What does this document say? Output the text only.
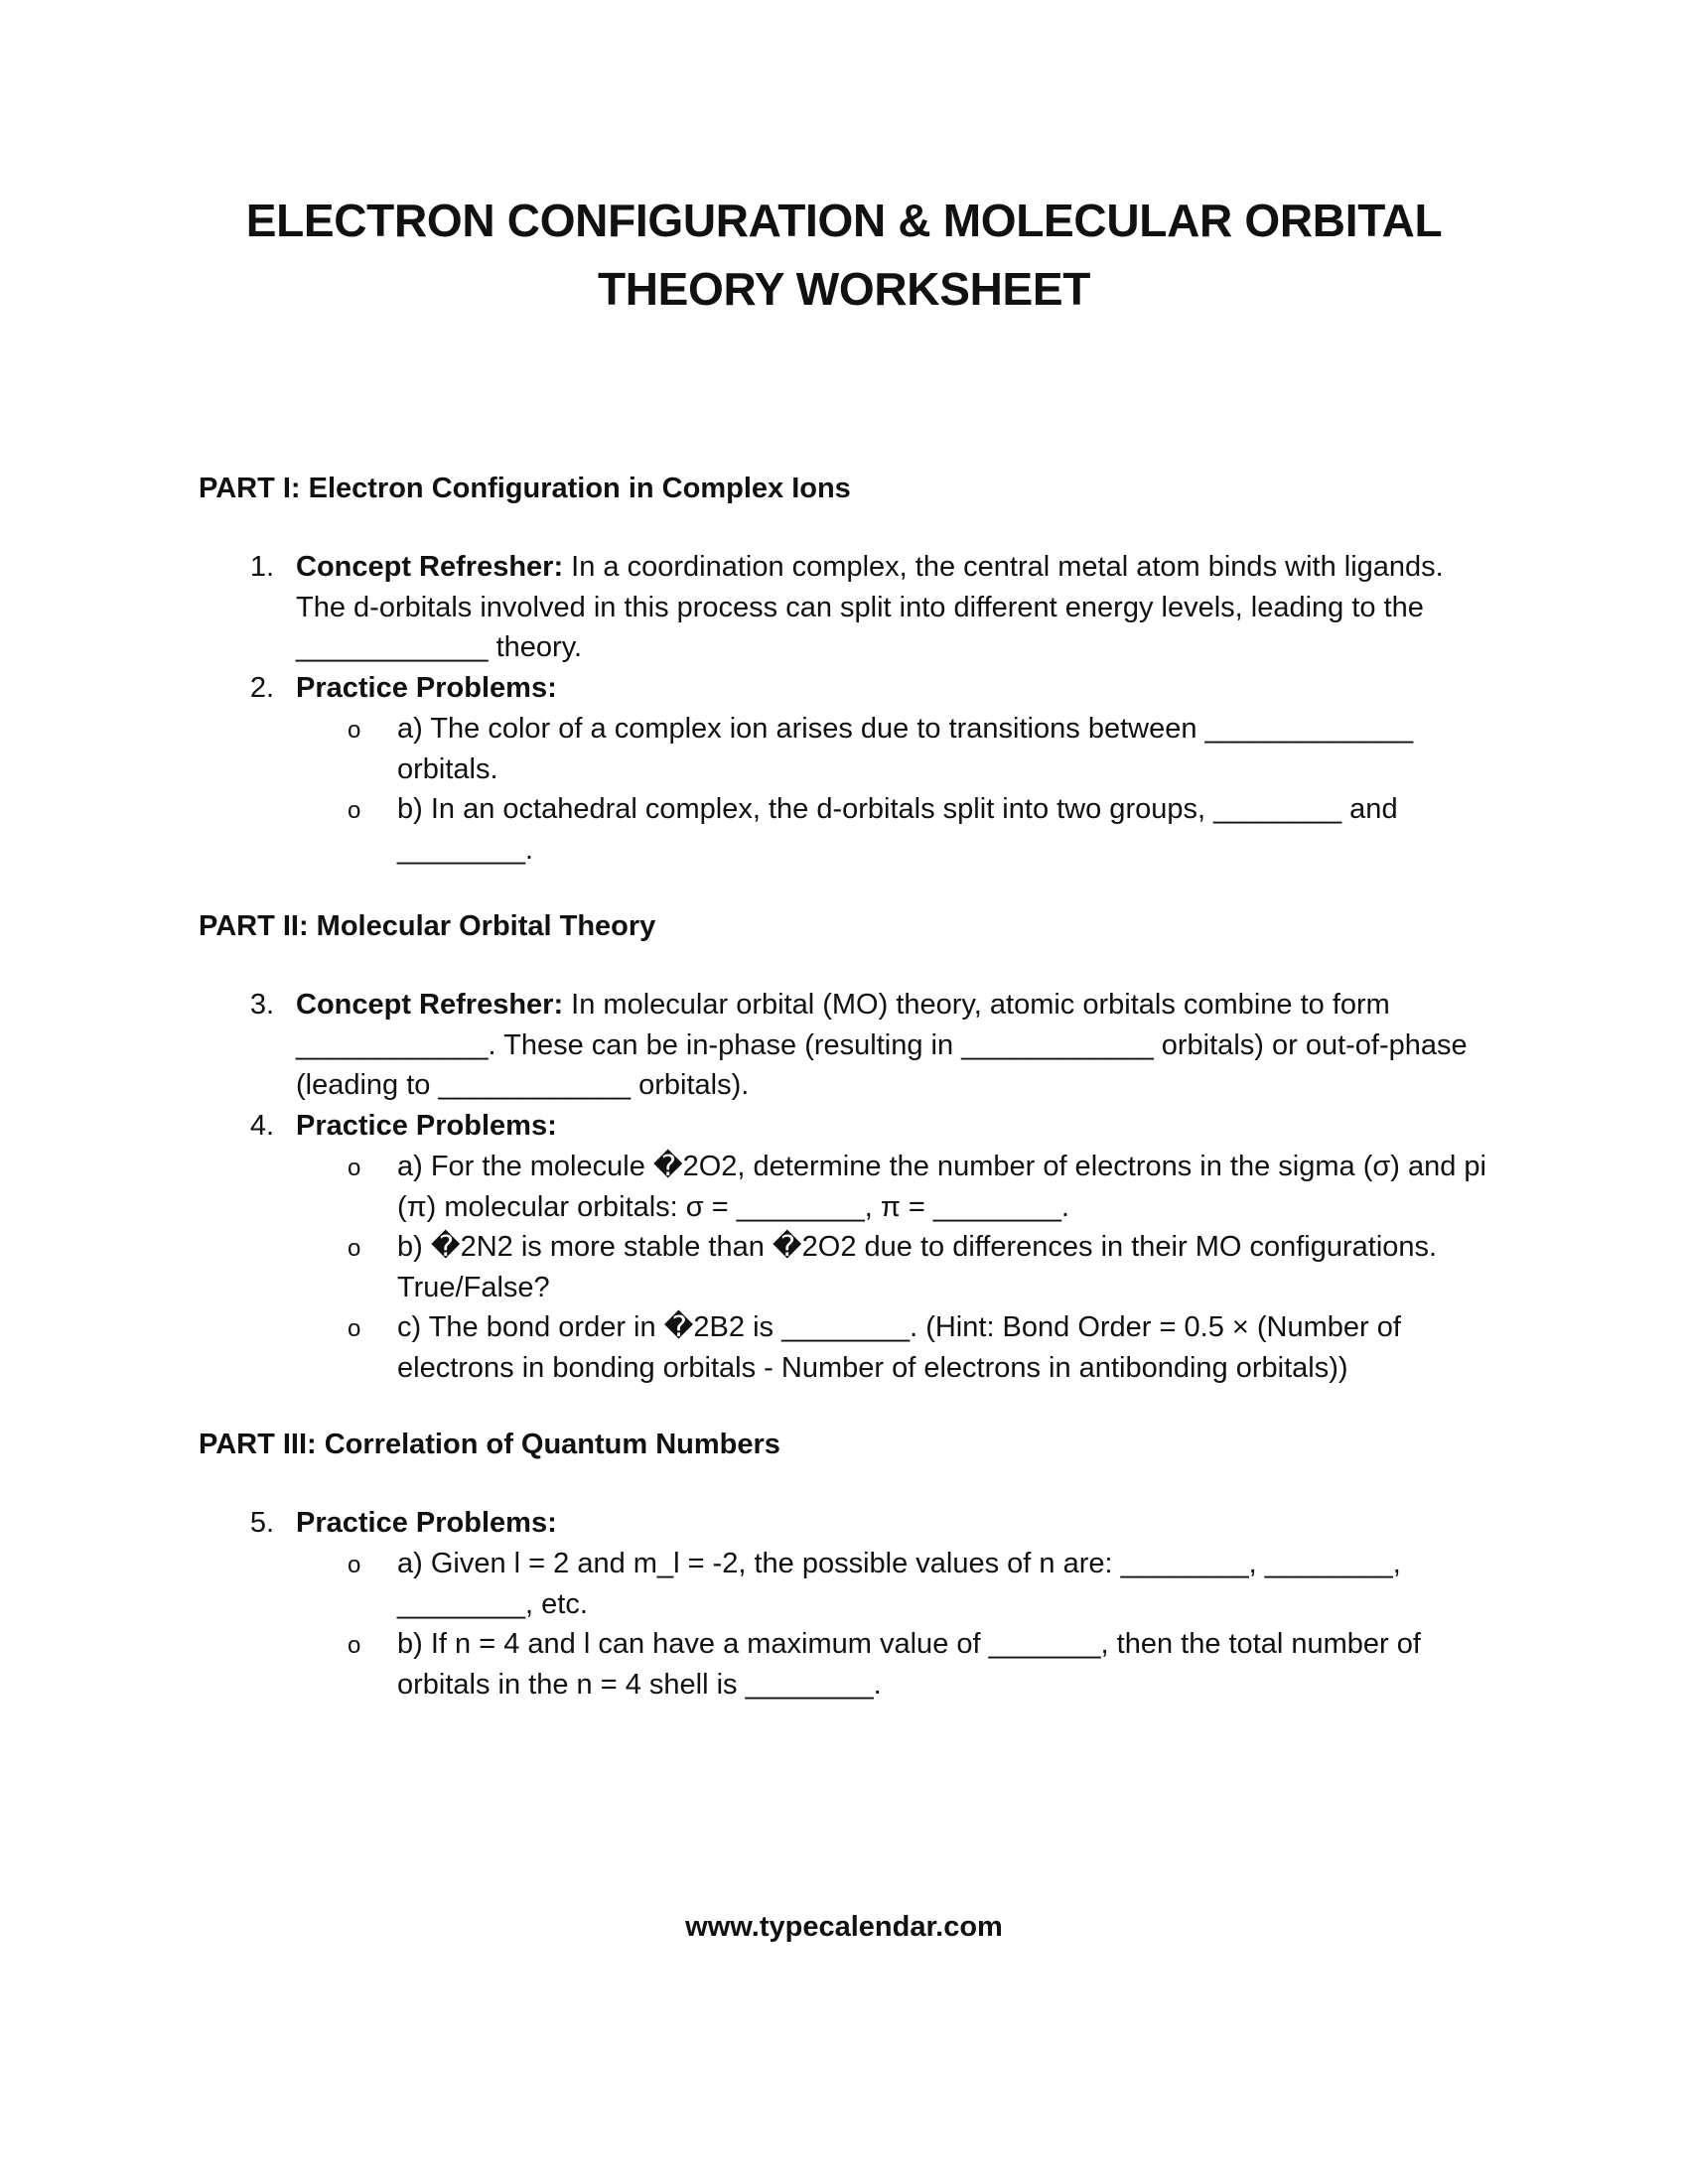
ELECTRON CONFIGURATION & MOLECULAR ORBITAL THEORY WORKSHEET

PART I: Electron Configuration in Complex Ions

1. Concept Refresher: In a coordination complex, the central metal atom binds with ligands. The d-orbitals involved in this process can split into different energy levels, leading to the ____________ theory.
2. Practice Problems:
o a) The color of a complex ion arises due to transitions between _____________ orbitals.
o b) In an octahedral complex, the d-orbitals split into two groups, ________ and ________.

PART II: Molecular Orbital Theory

3. Concept Refresher: In molecular orbital (MO) theory, atomic orbitals combine to form ____________. These can be in-phase (resulting in ____________ orbitals) or out-of-phase (leading to ____________ orbitals).
4. Practice Problems:
o a) For the molecule �2O2, determine the number of electrons in the sigma (σ) and pi (π) molecular orbitals: σ = ________, π = ________.
o b) �2N2 is more stable than �2O2 due to differences in their MO configurations. True/False?
o c) The bond order in �2B2 is ________. (Hint: Bond Order = 0.5 × (Number of electrons in bonding orbitals - Number of electrons in antibonding orbitals))

PART III: Correlation of Quantum Numbers

5. Practice Problems:
o a) Given l = 2 and m_l = -2, the possible values of n are: ________, ________, ________, etc.
o b) If n = 4 and l can have a maximum value of _______, then the total number of orbitals in the n = 4 shell is ________.
www.typecalendar.com
